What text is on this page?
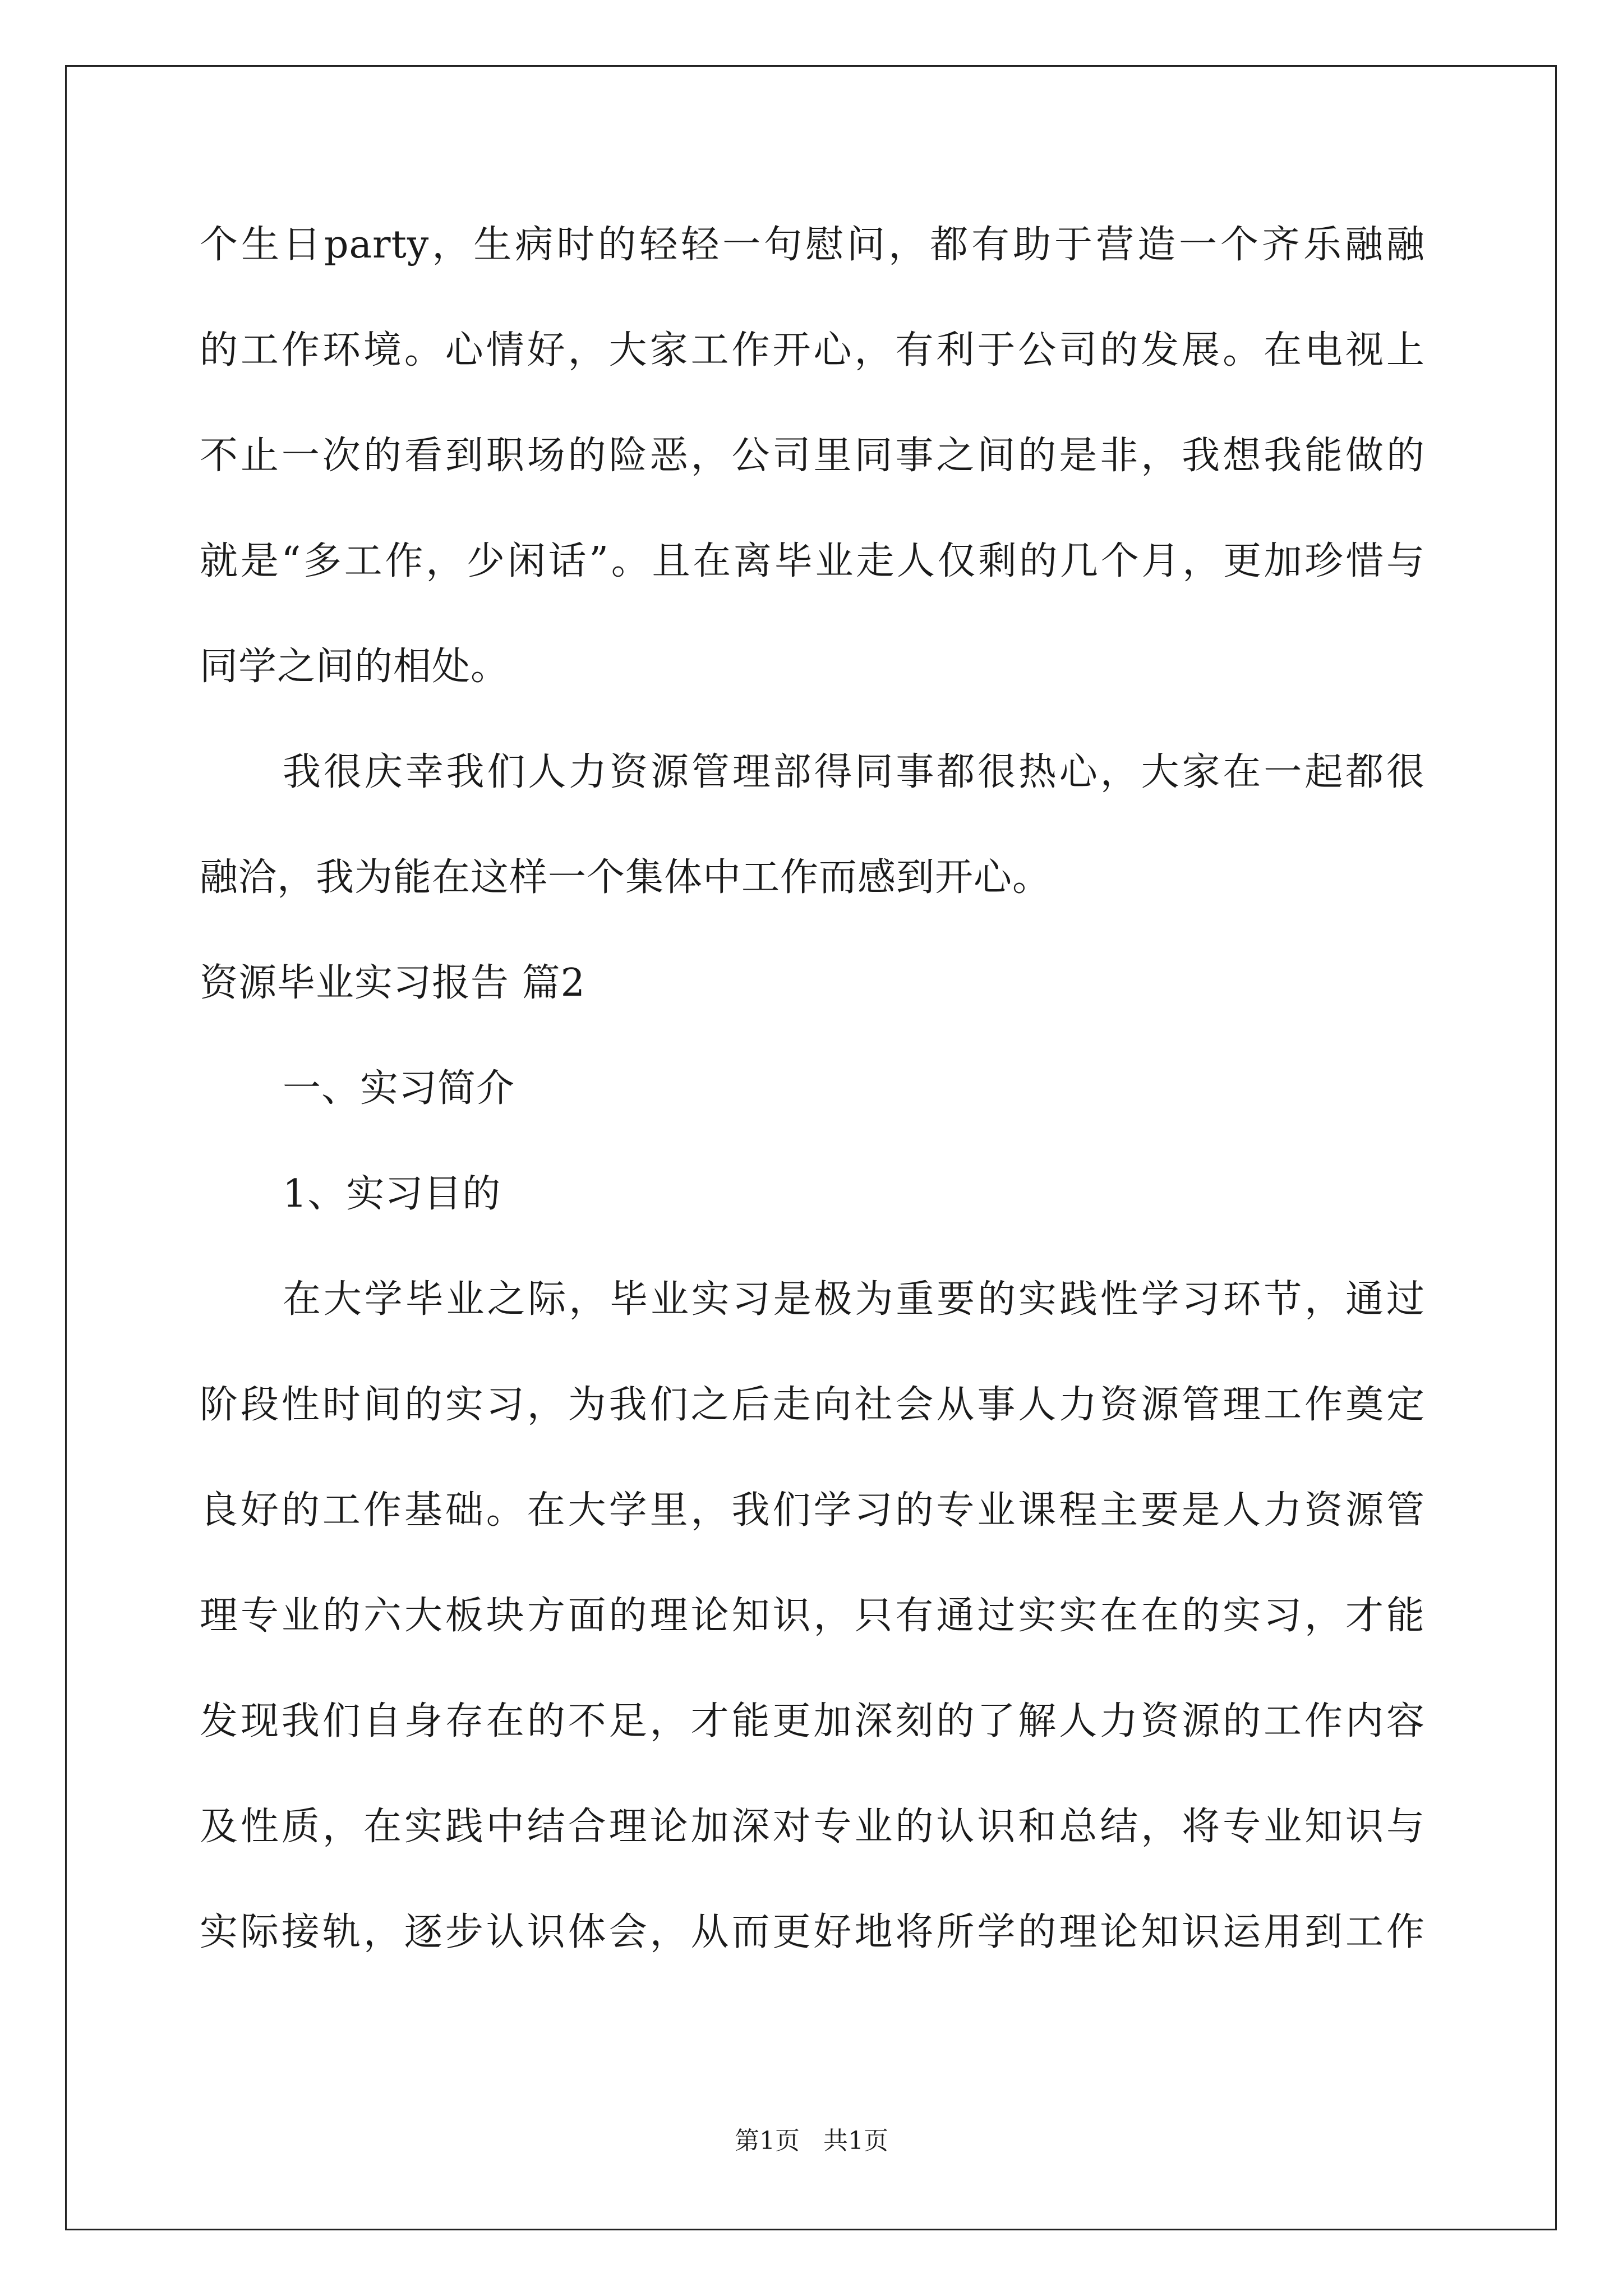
个生日party，生病时的轻轻一句慰问，都有助于营造一个齐乐融融
的工作环境。心情好，大家工作开心，有利于公司的发展。在电视上
不止一次的看到职场的险恶，公司里同事之间的是非，我想我能做的
就是“多工作，少闲话”。且在离毕业走人仅剩的几个月，更加珍惜与
同学之间的相处。
我很庆幸我们人力资源管理部得同事都很热心，大家在一起都很
融洽，我为能在这样一个集体中工作而感到开心。
资源毕业实习报告 篇2
一、实习简介
1、实习目的
在大学毕业之际，毕业实习是极为重要的实践性学习环节，通过
阶段性时间的实习，为我们之后走向社会从事人力资源管理工作奠定
良好的工作基础。在大学里，我们学习的专业课程主要是人力资源管
理专业的六大板块方面的理论知识，只有通过实实在在的实习，才能
发现我们自身存在的不足，才能更加深刻的了解人力资源的工作内容
及性质，在实践中结合理论加深对专业的认识和总结，将专业知识与
实际接轨，逐步认识体会，从而更好地将所学的理论知识运用到工作
第1页   共1页
